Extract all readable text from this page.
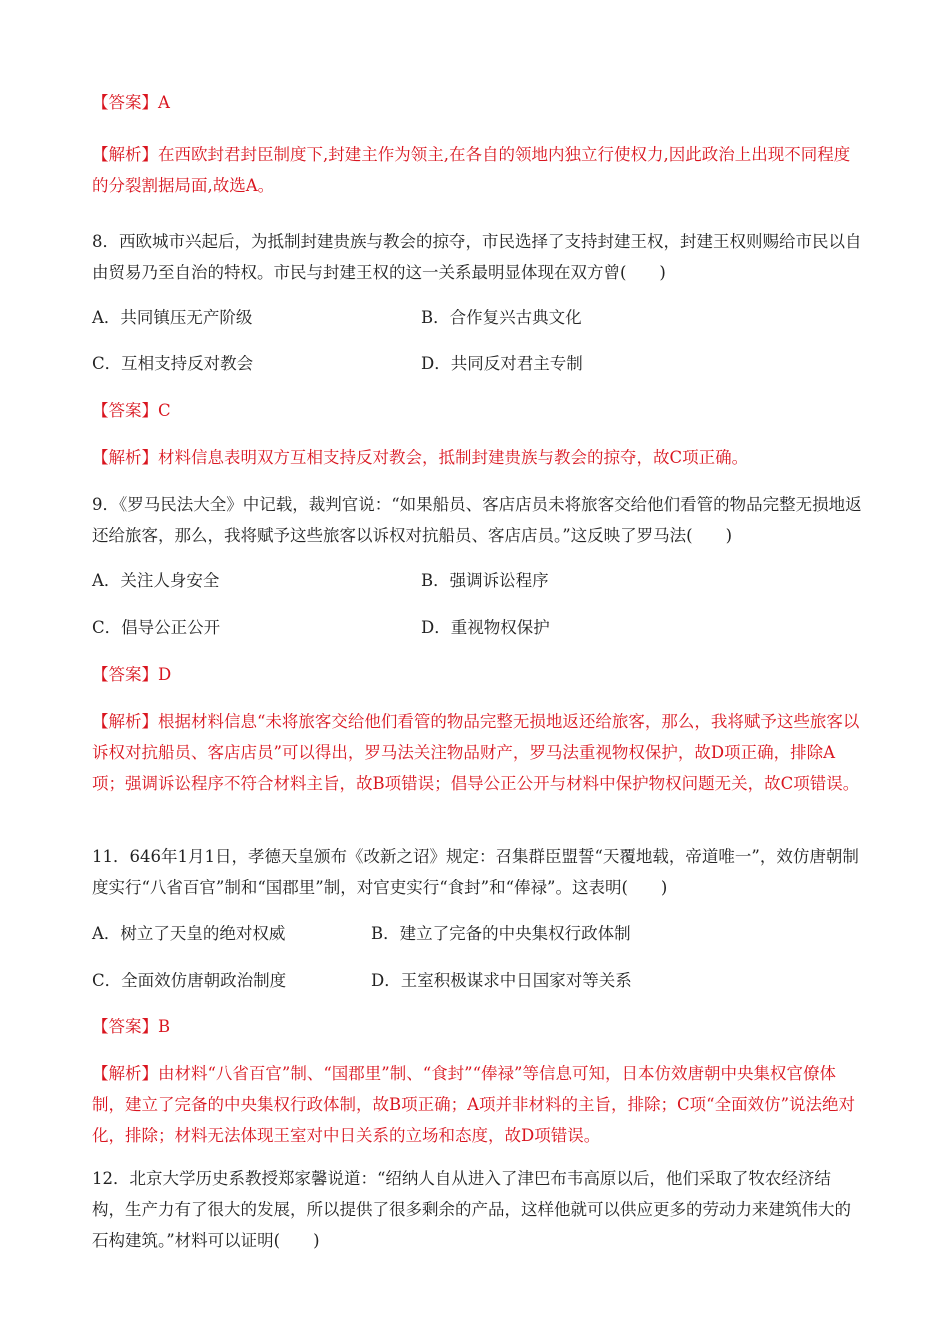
【答案】A

【解析】在西欧封君封臣制度下,封建主作为领主,在各自的领地内独立行使权力,因此政治上出现不同程度的分裂割据局面,故选A。

8．西欧城市兴起后，为抵制封建贵族与教会的掠夺，市民选择了支持封建王权，封建王权则赐给市民以自由贸易乃至自治的特权。市民与封建王权的这一关系最明显体现在双方曾(　　)

A．共同镇压无产阶级	B．合作复兴古典文化

C．互相支持反对教会	D．共同反对君主专制

【答案】C

【解析】材料信息表明双方互相支持反对教会，抵制封建贵族与教会的掠夺，故C项正确。

9．《罗马民法大全》中记载，裁判官说：“如果船员、客店店员未将旅客交给他们看管的物品完整无损地返还给旅客，那么，我将赋予这些旅客以诉权对抗船员、客店店员。”这反映了罗马法(　　)

A．关注人身安全	B．强调诉讼程序

C．倡导公正公开	D．重视物权保护

【答案】D

【解析】根据材料信息“未将旅客交给他们看管的物品完整无损地返还给旅客，那么，我将赋予这些旅客以诉权对抗船员、客店店员”可以得出，罗马法关注物品财产，罗马法重视物权保护，故D项正确，排除A项；强调诉讼程序不符合材料主旨，故B项错误；倡导公正公开与材料中保护物权问题无关，故C项错误。

11．646年1月1日，孝德天皇颁布《改新之诏》规定：召集群臣盟誓“天覆地载，帝道唯一”，效仿唐朝制度实行“八省百官”制和“国郡里”制，对官吏实行“食封”和“俸禄”。这表明(　　)

A．树立了天皇的绝对权威	B．建立了完备的中央集权行政体制

C．全面效仿唐朝政治制度	D．王室积极谋求中日国家对等关系

【答案】B

【解析】由材料“八省百官”制、“国郡里”制、“食封”“俸禄”等信息可知，日本仿效唐朝中央集权官僚体制，建立了完备的中央集权行政体制，故B项正确；A项并非材料的主旨，排除；C项“全面效仿”说法绝对化，排除；材料无法体现王室对中日关系的立场和态度，故D项错误。

12．北京大学历史系教授郑家馨说道：“绍纳人自从进入了津巴布韦高原以后，他们采取了牧农经济结构，生产力有了很大的发展，所以提供了很多剩余的产品，这样他就可以供应更多的劳动力来建筑伟大的石构建筑。”材料可以证明(　　)
